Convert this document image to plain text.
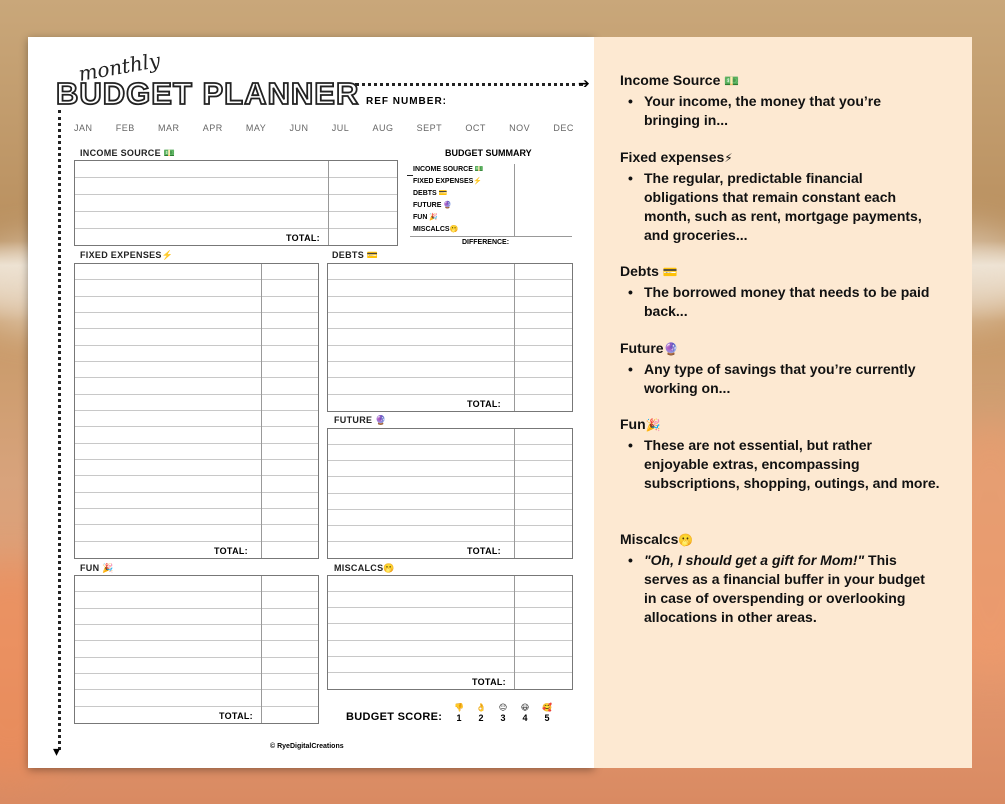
monthly
BUDGET PLANNER	➔
▾
REF NUMBER:
JAN	FEB	MAR	APR	MAY	JUN	JUL	AUG	SEPT	OCT	NOV	DEC
INCOME SOURCE 💵
TOTAL:
BUDGET SUMMARY
INCOME SOURCE 💵
FIXED EXPENSES⚡
DEBTS 💳
FUTURE 🔮
FUN 🎉
MISCALCS🫢
DIFFERENCE:
FIXED EXPENSES⚡
TOTAL:
DEBTS 💳
TOTAL:
FUTURE 🔮
TOTAL:
FUN 🎉
TOTAL:
MISCALCS🫢
TOTAL:
BUDGET SCORE:
👎
1
👌
2
😐
3
😃
4
🥰
5
© RyeDigitalCreations
Income Source 💵
• Your income, the money that you’re bringing in...
Fixed expenses⚡
• The regular, predictable financial obligations that remain constant each month, such as rent, mortgage payments, and groceries...
Debts 💳
• The borrowed money that needs to be paid back...
Future🔮
• Any type of savings that you’re currently working on...
Fun🎉
• These are not essential, but rather enjoyable extras, encompassing subscriptions, shopping, outings, and more.
Miscalcs🫢
• "Oh, I should get a gift for Mom!" This serves as a financial buffer in your budget in case of overspending or overlooking allocations in other areas.
